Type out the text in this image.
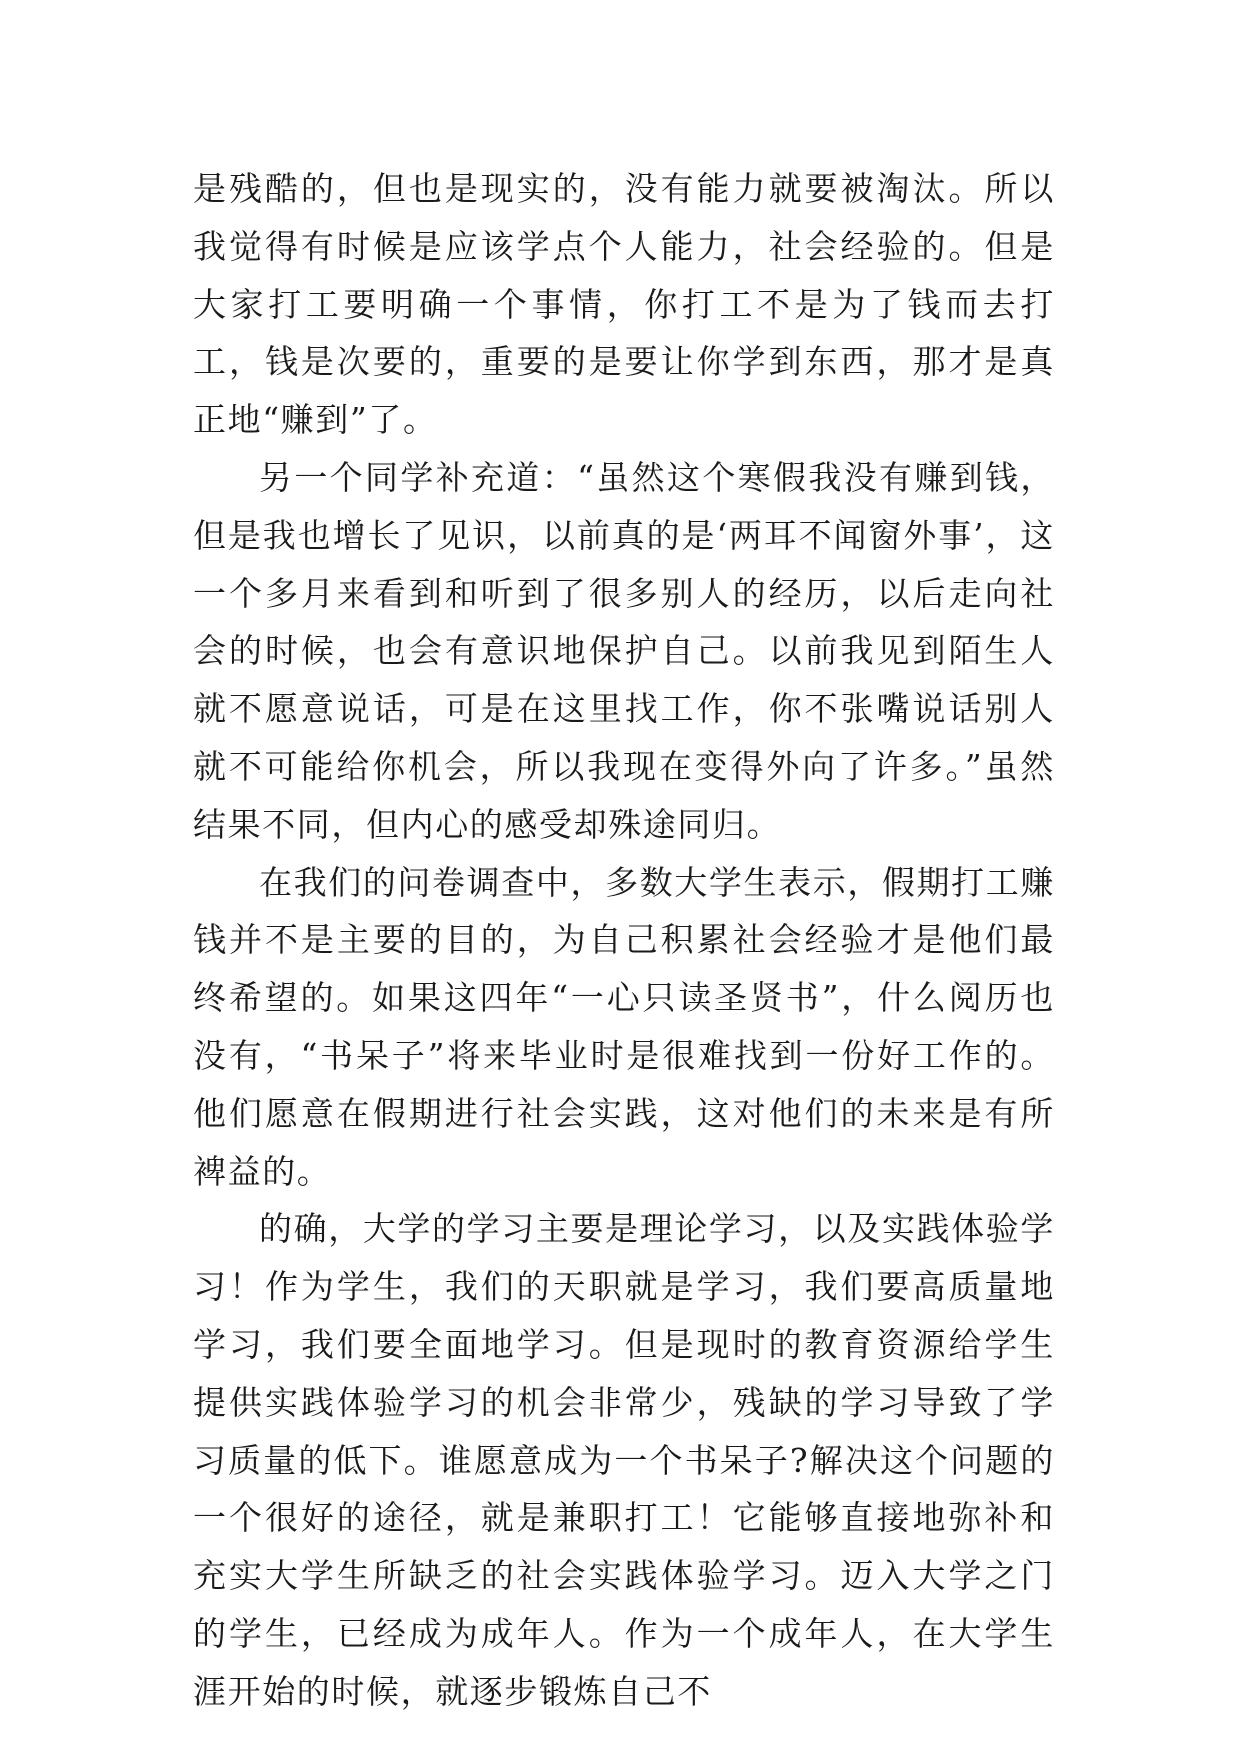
是残酷的，但也是现实的，没有能力就要被淘汰。所以我觉得有时候是应该学点个人能力，社会经验的。但是大家打工要明确一个事情，你打工不是为了钱而去打工，钱是次要的，重要的是要让你学到东西，那才是真正地“赚到”了。

另一个同学补充道：“虽然这个寒假我没有赚到钱，但是我也增长了见识，以前真的是‘两耳不闻窗外事’，这一个多月来看到和听到了很多别人的经历，以后走向社会的时候，也会有意识地保护自己。以前我见到陌生人就不愿意说话，可是在这里找工作，你不张嘴说话别人就不可能给你机会，所以我现在变得外向了许多。”虽然结果不同，但内心的感受却殊途同归。

在我们的问卷调查中，多数大学生表示，假期打工赚钱并不是主要的目的，为自己积累社会经验才是他们最终希望的。如果这四年“一心只读圣贤书”，什么阅历也没有，“书呆子”将来毕业时是很难找到一份好工作的。他们愿意在假期进行社会实践，这对他们的未来是有所裨益的。

的确，大学的学习主要是理论学习，以及实践体验学习！作为学生，我们的天职就是学习，我们要高质量地学习，我们要全面地学习。但是现时的教育资源给学生提供实践体验学习的机会非常少，残缺的学习导致了学习质量的低下。谁愿意成为一个书呆子?解决这个问题的一个很好的途径，就是兼职打工！它能够直接地弥补和充实大学生所缺乏的社会实践体验学习。迈入大学之门的学生，已经成为成年人。作为一个成年人，在大学生涯开始的时候，就逐步锻炼自己不
